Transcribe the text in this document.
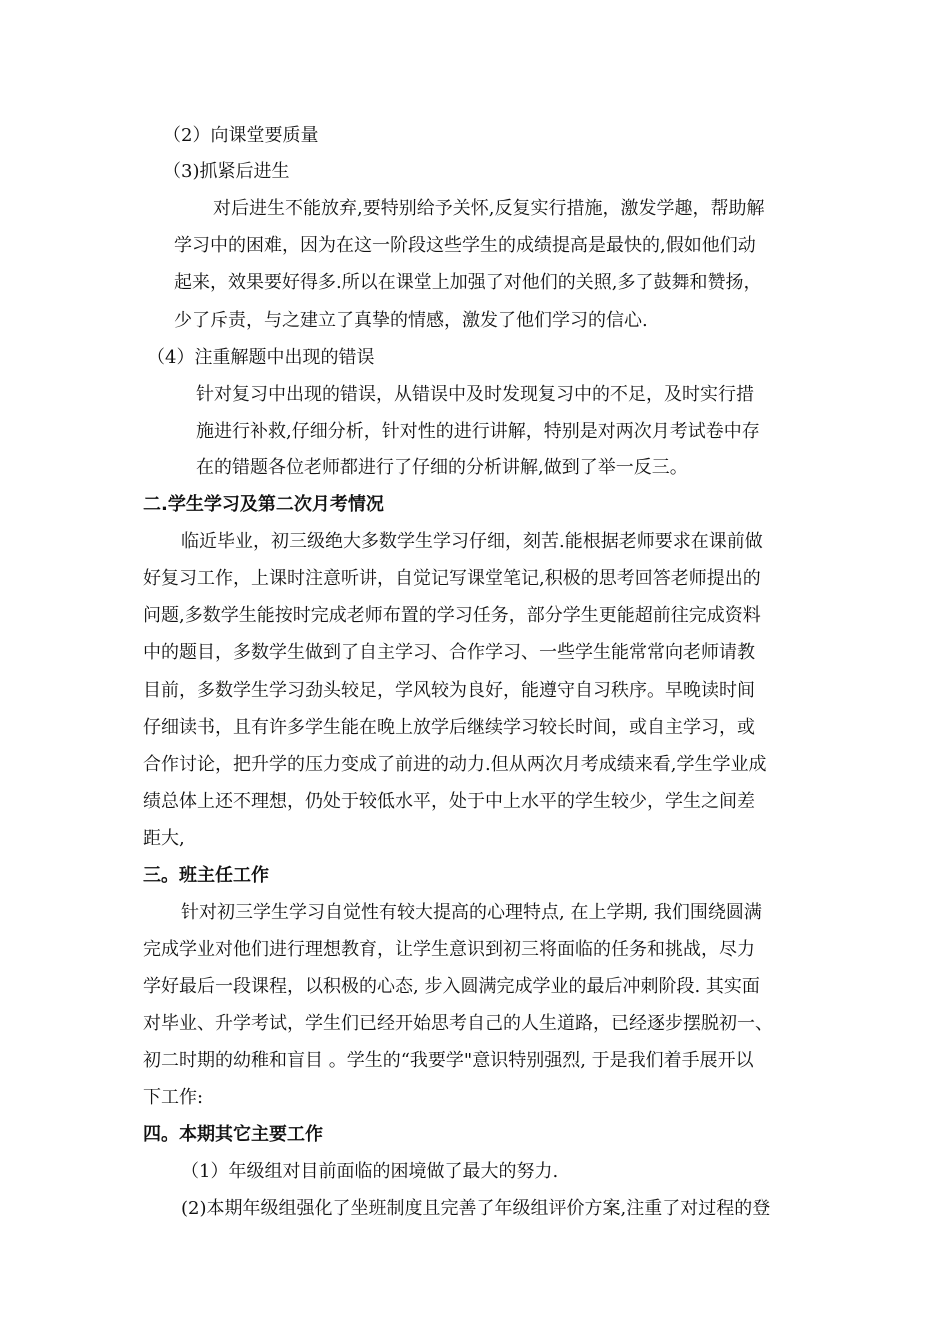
（2）向课堂要质量

（3)抓紧后进生

对后进生不能放弃,要特别给予关怀,反复实行措施，激发学趣，帮助解

学习中的困难，因为在这一阶段这些学生的成绩提高是最快的,假如他们动

起来，效果要好得多.所以在课堂上加强了对他们的关照,多了鼓舞和赞扬，

少了斥责，与之建立了真挚的情感，激发了他们学习的信心.

（4）注重解题中出现的错误

针对复习中出现的错误，从错误中及时发现复习中的不足，及时实行措

施进行补救,仔细分析，针对性的进行讲解，特别是对两次月考试卷中存

在的错题各位老师都进行了仔细的分析讲解,做到了举一反三。

二.学生学习及第二次月考情况

临近毕业，初三级绝大多数学生学习仔细，刻苦.能根据老师要求在课前做

好复习工作，上课时注意听讲，自觉记写课堂笔记,积极的思考回答老师提出的

问题,多数学生能按时完成老师布置的学习任务，部分学生更能超前往完成资料

中的题目，多数学生做到了自主学习、合作学习、一些学生能常常向老师请教

目前，多数学生学习劲头较足，学风较为良好，能遵守自习秩序。早晚读时间

仔细读书，且有许多学生能在晚上放学后继续学习较长时间，或自主学习，或

合作讨论，把升学的压力变成了前进的动力.但从两次月考成绩来看,学生学业成

绩总体上还不理想，仍处于较低水平，处于中上水平的学生较少，学生之间差

距大,

三。班主任工作

针对初三学生学习自觉性有较大提高的心理特点, 在上学期, 我们围绕圆满

完成学业对他们进行理想教育，让学生意识到初三将面临的任务和挑战，尽力

学好最后一段课程，以积极的心态, 步入圆满完成学业的最后冲刺阶段. 其实面

对毕业、升学考试，学生们已经开始思考自己的人生道路，已经逐步摆脱初一、

初二时期的幼稚和盲目 。学生的“我要学"意识特别强烈, 于是我们着手展开以

下工作:

四。本期其它主要工作

（1）年级组对目前面临的困境做了最大的努力.

(2)本期年级组强化了坐班制度且完善了年级组评价方案,注重了对过程的登
